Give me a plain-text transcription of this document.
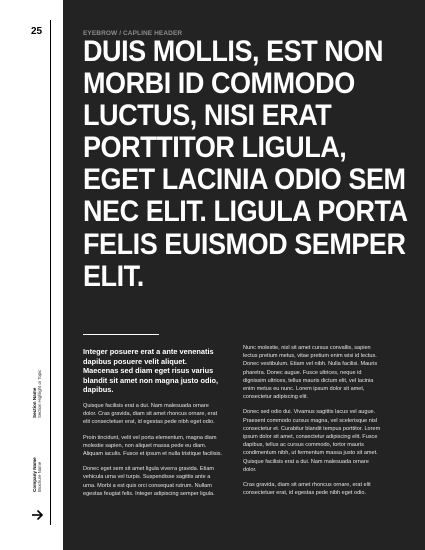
25
Section Name Section Highlight or Topic
Company Name Brochure Name
EYEBROW / CAPLINE HEADER
DUIS MOLLIS, EST NON MORBI ID COMMODO LUCTUS, NISI ERAT PORTTITOR LIGULA, EGET LACINIA ODIO SEM NEC ELIT. LIGULA PORTA FELIS EUISMOD SEMPER ELIT.

Integer posuere erat a ante venenatis dapibus posuere velit aliquet. Maecenas sed diam eget risus varius blandit sit amet non magna justo odio, dapibus.

Quisque facilisis erat a dui. Nam malesuada ornare dolor. Cras gravida, diam sit amet rhoncus ornare, erat elit consectetuer erat, id egestas pede nibh eget odio.

Proin tincidunt, velit vel porta elementum, magna diam molestie sapien, non aliquet massa pede eu diam. Aliquam iaculis. Fusce et ipsum et nulla tristique facilisis.

Donec eget sem sit amet ligula viverra gravida. Etiam vehicula urna vel turpis. Suspendisse sagittis ante a urna. Morbi a est quis orci consequat rutrum. Nullam egestas feugiat felis. Integer adipiscing semper ligula.

Nunc molestie, nisl sit amet cursus convallis, sapien lectus pretium metus, vitae pretium enim wisi id lectus. Donec vestibulum. Etiam vel nibh. Nulla facilisi. Mauris pharetra. Donec augue. Fusce ultrices, neque id dignissim ultrices, tellus mauris dictum elit, vel lacinia enim metus eu nunc. Lorem ipsum dolor sit amet, consectetur adipiscing elit.

Donec sed odio dui. Vivamus sagittis lacus vel augue. Praesent commodo cursus magna, vel scelerisque nisl consectetur et. Curabitur blandit tempus porttitor. Lorem ipsum dolor sit amet, consectetur adipiscing elit. Fusce dapibus, tellus ac cursus commodo, tortor mauris condimentum nibh, ut fermentum massa justo sit amet. Quisque facilisis erat a dui. Nam malesuada ornare dolor.

Cras gravida, diam sit amet rhoncus ornare, erat elit consectetuer erat, id egestas pede nibh eget odio.
